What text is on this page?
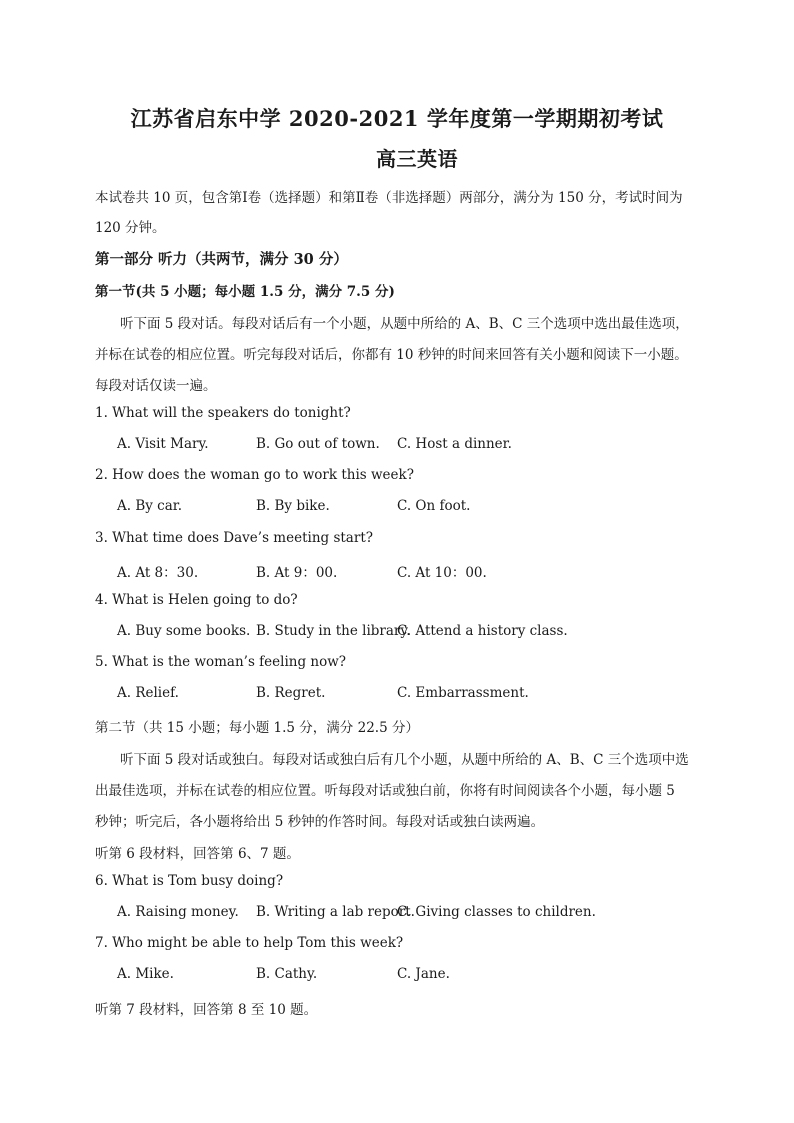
江苏省启东中学 2020-2021 学年度第一学期期初考试
高三英语
本试卷共 10 页，包含第Ⅰ卷（选择题）和第Ⅱ卷（非选择题）两部分，满分为 150 分，考试时间为
120 分钟。
第一部分 听力（共两节，满分 30 分）
第一节(共 5 小题；每小题 1.5 分，满分 7.5 分)
听下面 5 段对话。每段对话后有一个小题，从题中所给的 A、B、C 三个选项中选出最佳选项，
并标在试卷的相应位置。听完每段对话后，你都有 10 秒钟的时间来回答有关小题和阅读下一小题。
每段对话仅读一遍。
1. What will the speakers do tonight?
A. Visit Mary.	B. Go out of town. C. Host a dinner.
2. How does the woman go to work this week?
A. By car.	B. By bike.	C. On foot.
3. What time does Dave’s meeting start?
A. At 8：30.	B. At 9：00.	C. At 10：00.
4. What is Helen going to do?
A. Buy some books. B. Study in the library.
C. Attend a history class.
5. What is the woman’s feeling now?
A. Relief.	B. Regret.	C. Embarrassment.
第二节（共 15 小题；每小题 1.5 分，满分 22.5 分）
听下面 5 段对话或独白。每段对话或独白后有几个小题，从题中所给的 A、B、C 三个选项中选
出最佳选项，并标在试卷的相应位置。听每段对话或独白前，你将有时间阅读各个小题，每小题 5
秒钟；听完后，各小题将给出 5 秒钟的作答时间。每段对话或独白读两遍。
听第 6 段材料，回答第 6、7 题。
6. What is Tom busy doing?
A. Raising money. B. Writing a lab report.
C. Giving classes to children.
7. Who might be able to help Tom this week?
A. Mike.	B. Cathy.	C. Jane.
听第 7 段材料，回答第 8 至 10 题。
